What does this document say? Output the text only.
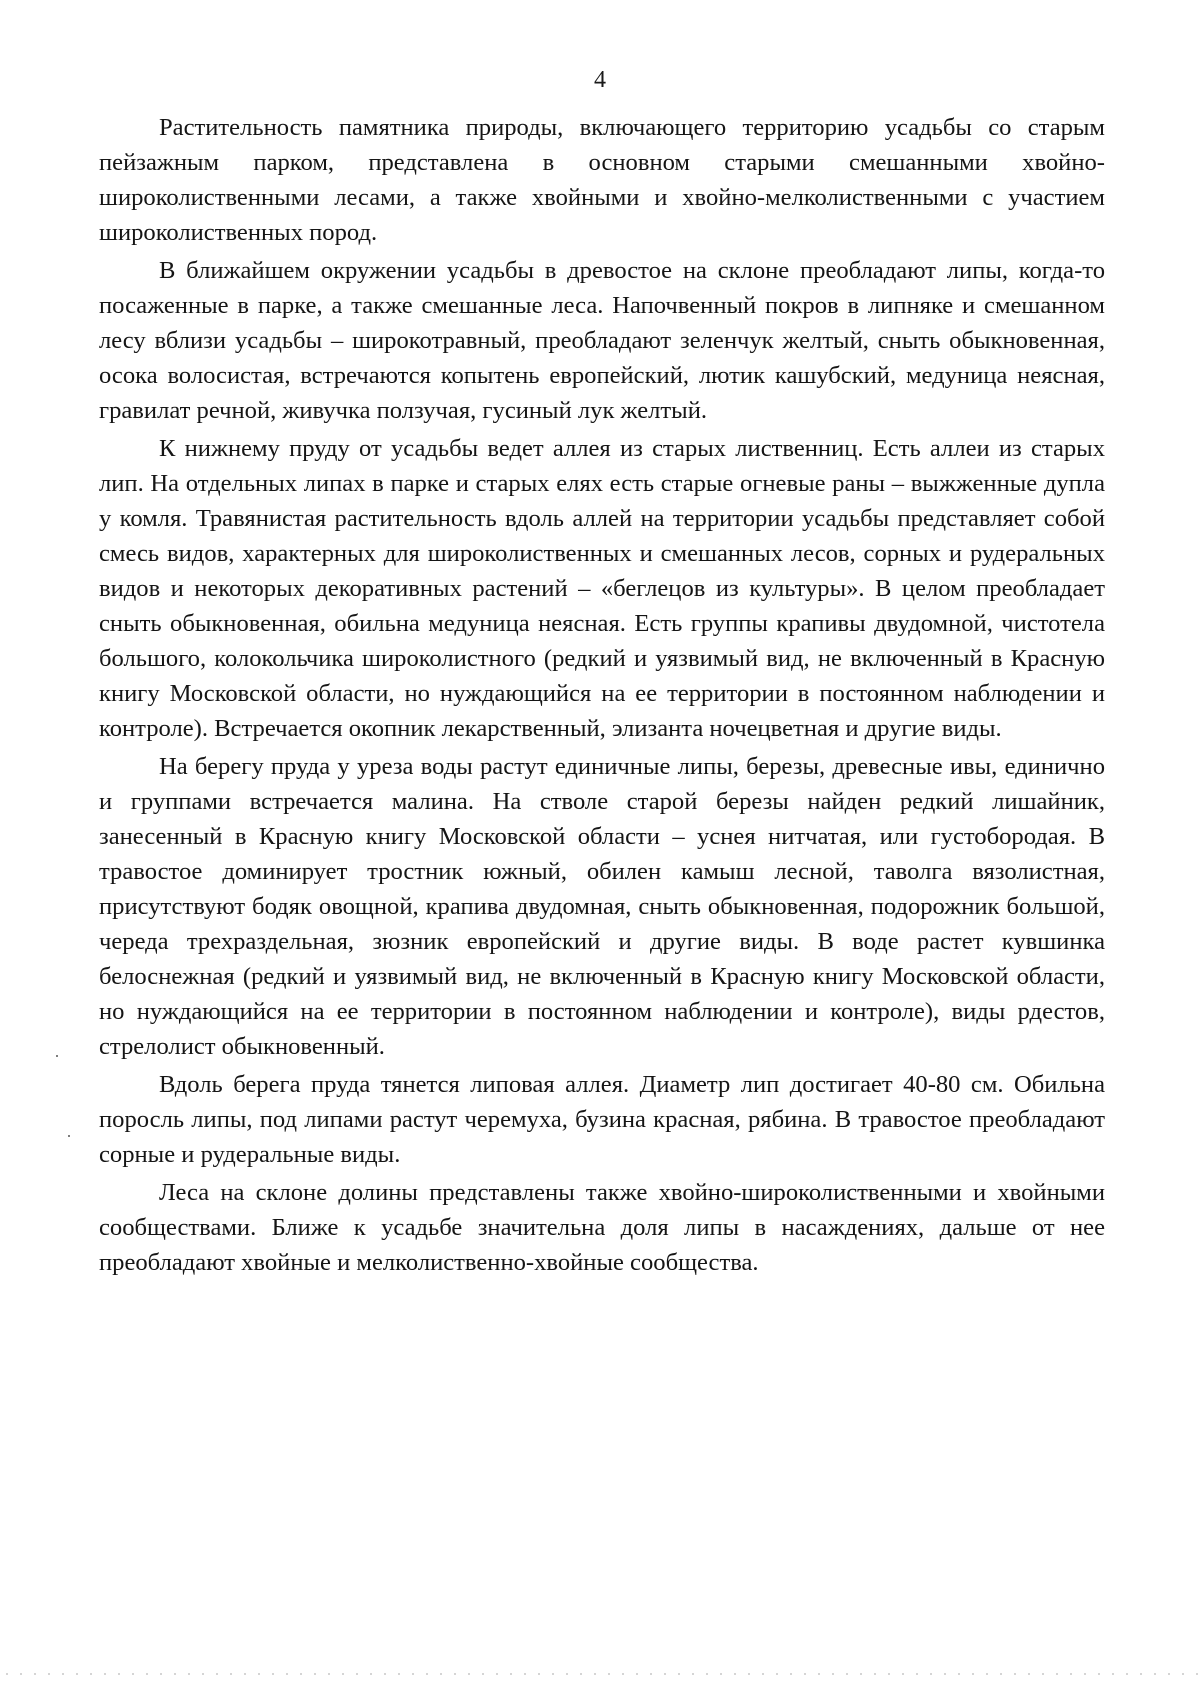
4

Растительность памятника природы, включающего территорию усадьбы со старым пейзажным парком, представлена в основном старыми смешанными хвойно-широколиственными лесами, а также хвойными и хвойно-мелколиственными с участием широколиственных пород.

В ближайшем окружении усадьбы в древостое на склоне преобладают липы, когда-то посаженные в парке, а также смешанные леса. Напочвенный покров в липняке и смешанном лесу вблизи усадьбы – широкотравный, преобладают зеленчук желтый, сныть обыкновенная, осока волосистая, встречаются копытень европейский, лютик кашубский, медуница неясная, гравилат речной, живучка ползучая, гусиный лук желтый.

К нижнему пруду от усадьбы ведет аллея из старых лиственниц. Есть аллеи из старых лип. На отдельных липах в парке и старых елях есть старые огневые раны – выжженные дупла у комля. Травянистая растительность вдоль аллей на территории усадьбы представляет собой смесь видов, характерных для широколиственных и смешанных лесов, сорных и рудеральных видов и некоторых декоративных растений – «беглецов из культуры». В целом преобладает сныть обыкновенная, обильна медуница неясная. Есть группы крапивы двудомной, чистотела большого, колокольчика широколистного (редкий и уязвимый вид, не включенный в Красную книгу Московской области, но нуждающийся на ее территории в постоянном наблюдении и контроле). Встречается окопник лекарственный, элизанта ночецветная и другие виды.

На берегу пруда у уреза воды растут единичные липы, березы, древесные ивы, единично и группами встречается малина. На стволе старой березы найден редкий лишайник, занесенный в Красную книгу Московской области – уснея нитчатая, или густобородая. В травостое доминирует тростник южный, обилен камыш лесной, таволга вязолистная, присутствуют бодяк овощной, крапива двудомная, сныть обыкновенная, подорожник большой, череда трехраздельная, зюзник европейский и другие виды. В воде растет кувшинка белоснежная (редкий и уязвимый вид, не включенный в Красную книгу Московской области, но нуждающийся на ее территории в постоянном наблюдении и контроле), виды рдестов, стрелолист обыкновенный.

Вдоль берега пруда тянется липовая аллея. Диаметр лип достигает 40-80 см. Обильна поросль липы, под липами растут черемуха, бузина красная, рябина. В травостое преобладают сорные и рудеральные виды.

Леса на склоне долины представлены также хвойно-широколиственными и хвойными сообществами. Ближе к усадьбе значительна доля липы в насаждениях, дальше от нее преобладают хвойные и мелколиственно-хвойные сообщества.
